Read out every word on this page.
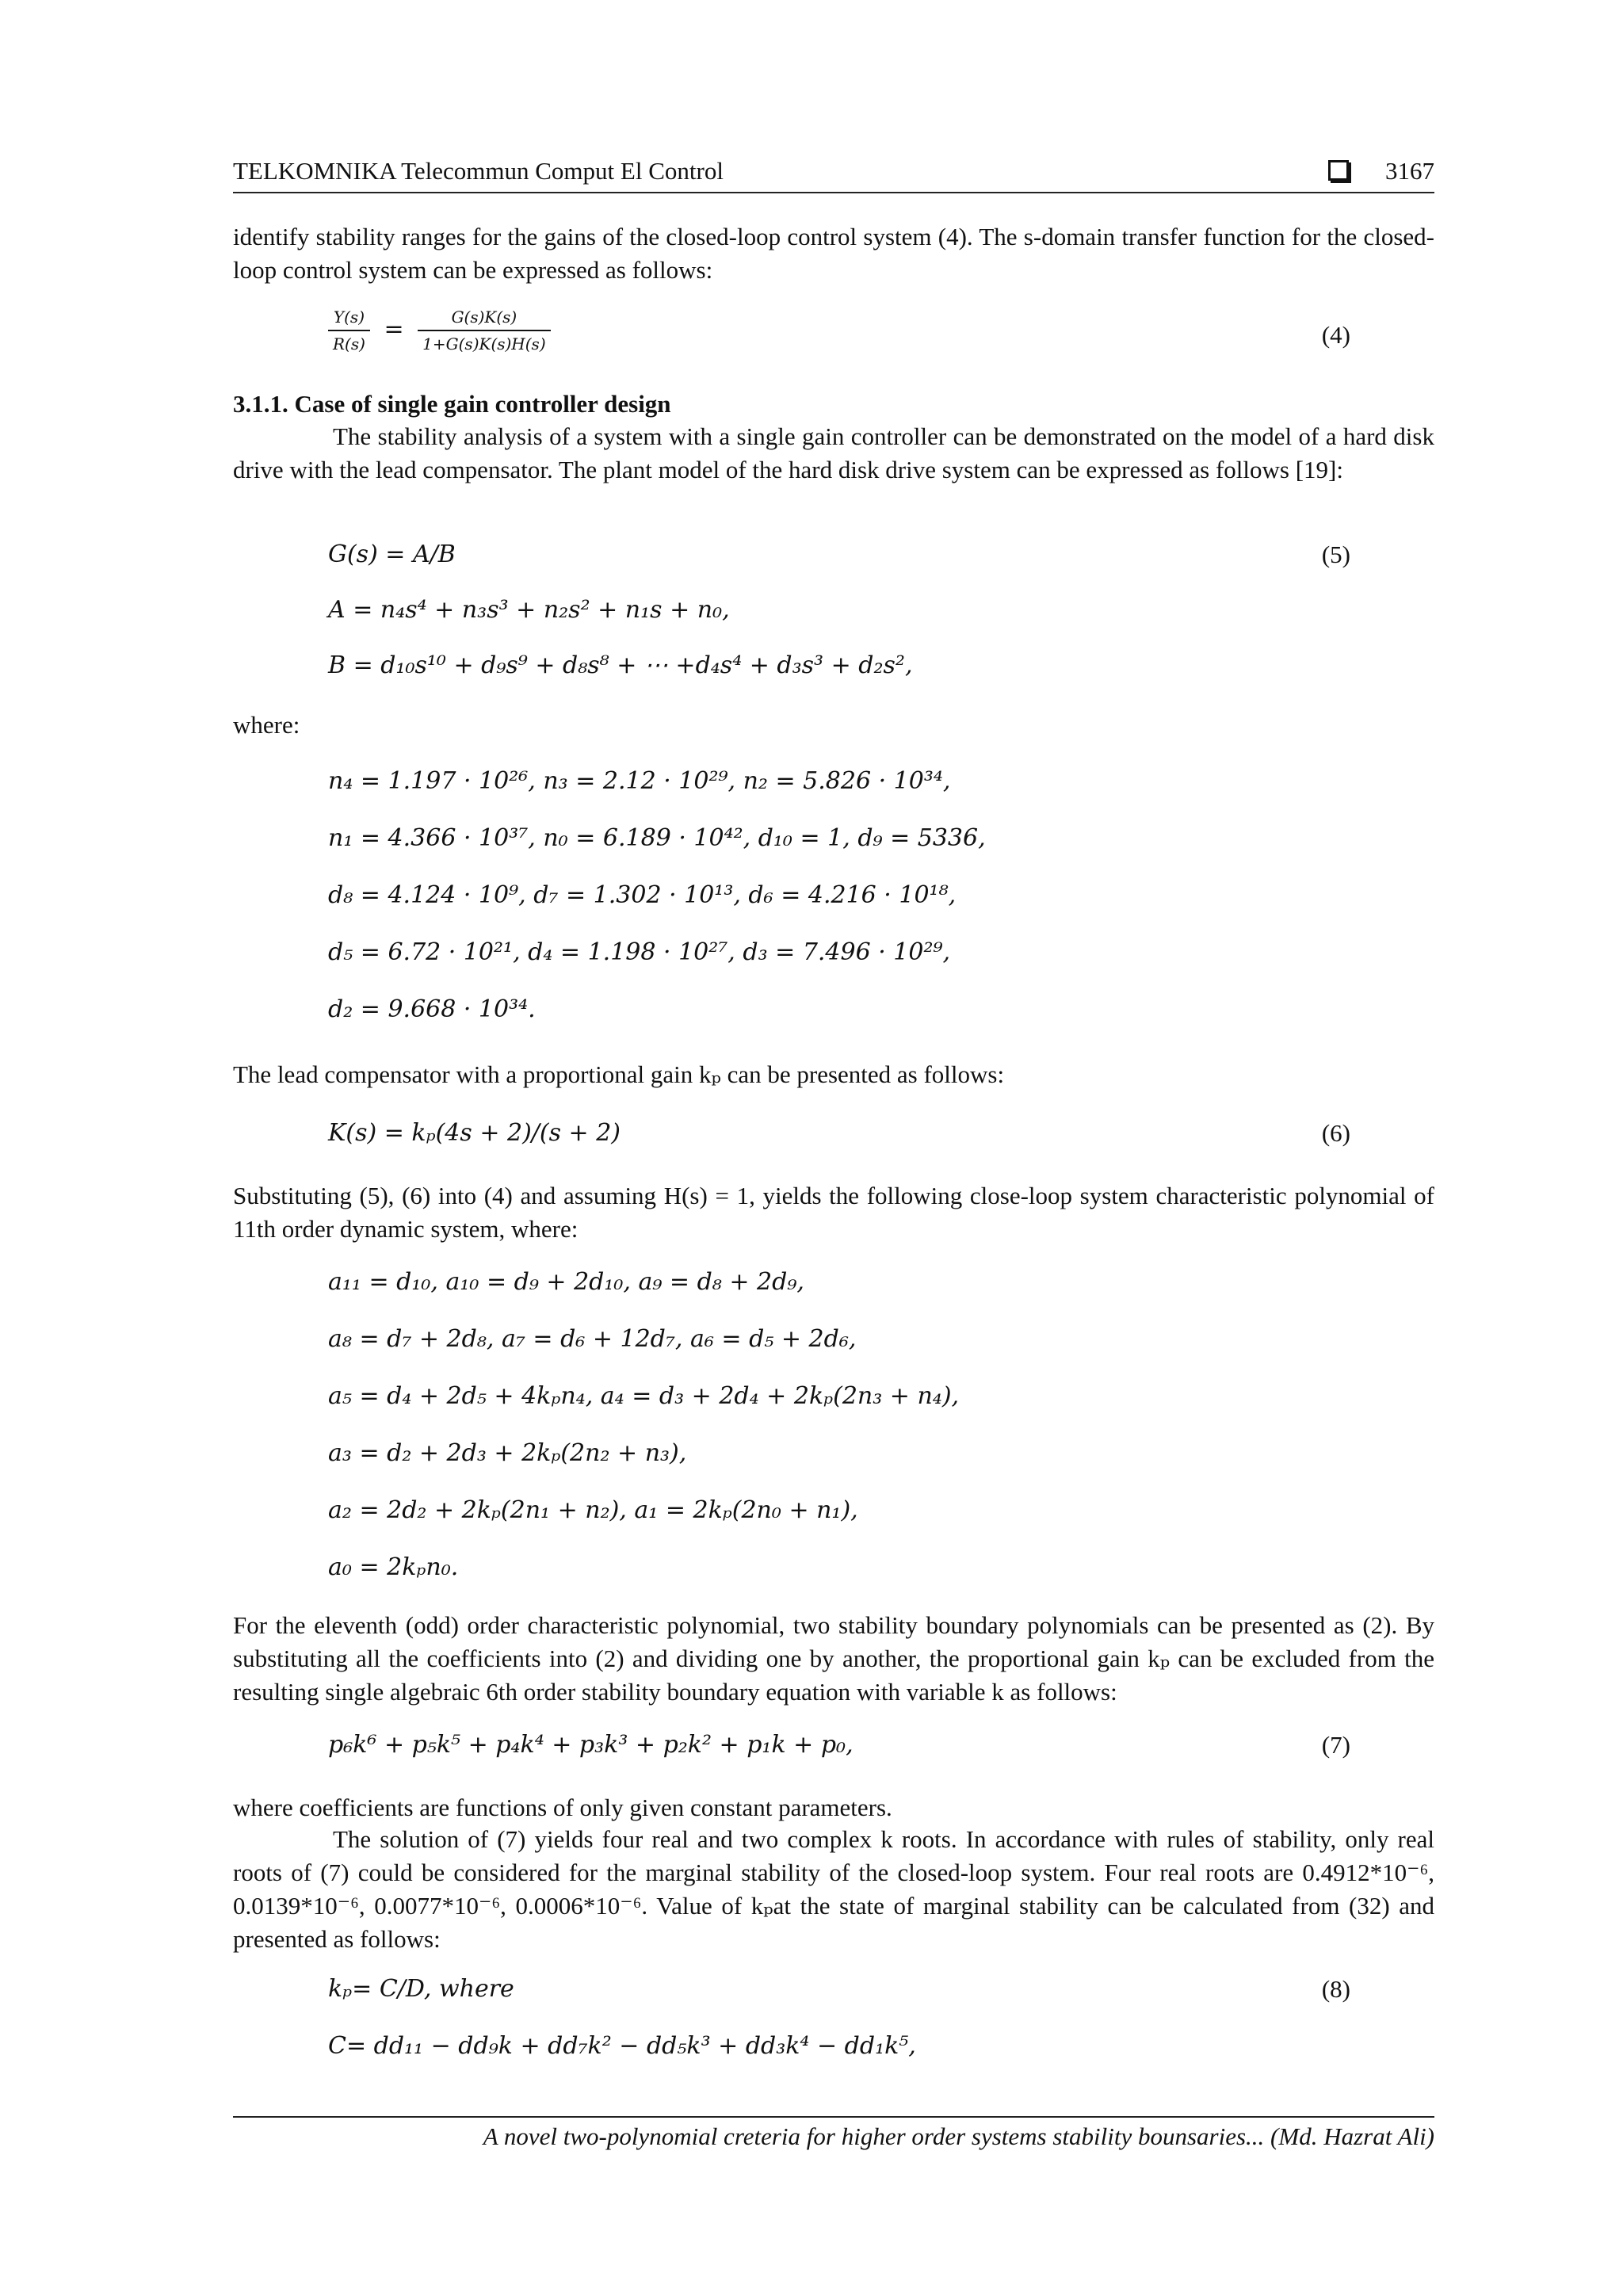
TELKOMNIKA Telecommun Comput El Control	3167
identify stability ranges for the gains of the closed-loop control system (4). The s-domain transfer function for the closed-loop control system can be expressed as follows:
$\frac{Y(s)}{R(s)} = \frac{G(s)K(s)}{1+G(s)K(s)H(s)}$	(4)
3.1.1. Case of single gain controller design
The stability analysis of a system with a single gain controller can be demonstrated on the model of a hard disk drive with the lead compensator. The plant model of the hard disk drive system can be expressed as follows [19]:
G(s) = A/B	(5)
A = n₄s⁴ + n₃s³ + n₂s² + n₁s + n₀,
B = d₁₀s¹⁰ + d₉s⁹ + d₈s⁸ + ⋯ +d₄s⁴ + d₃s³ + d₂s²,
where:
n₄ = 1.197 · 10²⁶, n₃ = 2.12 · 10²⁹, n₂ = 5.826 · 10³⁴,
n₁ = 4.366 · 10³⁷, n₀ = 6.189 · 10⁴², d₁₀ = 1, d₉ = 5336,
d₈ = 4.124 · 10⁹, d₇ = 1.302 · 10¹³, d₆ = 4.216 · 10¹⁸,
d₅ = 6.72 · 10²¹, d₄ = 1.198 · 10²⁷, d₃ = 7.496 · 10²⁹,
d₂ = 9.668 · 10³⁴.
The lead compensator with a proportional gain kₚ can be presented as follows:
K(s) = kₚ(4s + 2)/(s + 2)	(6)
Substituting (5), (6) into (4) and assuming H(s) = 1, yields the following close-loop system characteristic polynomial of 11th order dynamic system, where:
a₁₁ = d₁₀, a₁₀ = d₉ + 2d₁₀, a₉ = d₈ + 2d₉,
a₈ = d₇ + 2d₈, a₇ = d₆ + 12d₇, a₆ = d₅ + 2d₆,
a₅ = d₄ + 2d₅ + 4kₚn₄, a₄ = d₃ + 2d₄ + 2kₚ(2n₃ + n₄),
a₃ = d₂ + 2d₃ + 2kₚ(2n₂ + n₃),
a₂ = 2d₂ + 2kₚ(2n₁ + n₂), a₁ = 2kₚ(2n₀ + n₁),
a₀ = 2kₚn₀.
For the eleventh (odd) order characteristic polynomial, two stability boundary polynomials can be presented as (2). By substituting all the coefficients into (2) and dividing one by another, the proportional gain kₚ can be excluded from the resulting single algebraic 6th order stability boundary equation with variable k as follows:
p₆k⁶ + p₅k⁵ + p₄k⁴ + p₃k³ + p₂k² + p₁k + p₀,	(7)
where coefficients are functions of only given constant parameters.
The solution of (7) yields four real and two complex k roots. In accordance with rules of stability, only real roots of (7) could be considered for the marginal stability of the closed-loop system. Four real roots are 0.4912*10⁻⁶, 0.0139*10⁻⁶, 0.0077*10⁻⁶, 0.0006*10⁻⁶. Value of kₚat the state of marginal stability can be calculated from (32) and presented as follows:
kₚ= C/D, where	(8)
C= dd₁₁ − dd₉k + dd₇k² − dd₅k³ + dd₃k⁴ − dd₁k⁵,
A novel two-polynomial creteria for higher order systems stability bounsaries... (Md. Hazrat Ali)
